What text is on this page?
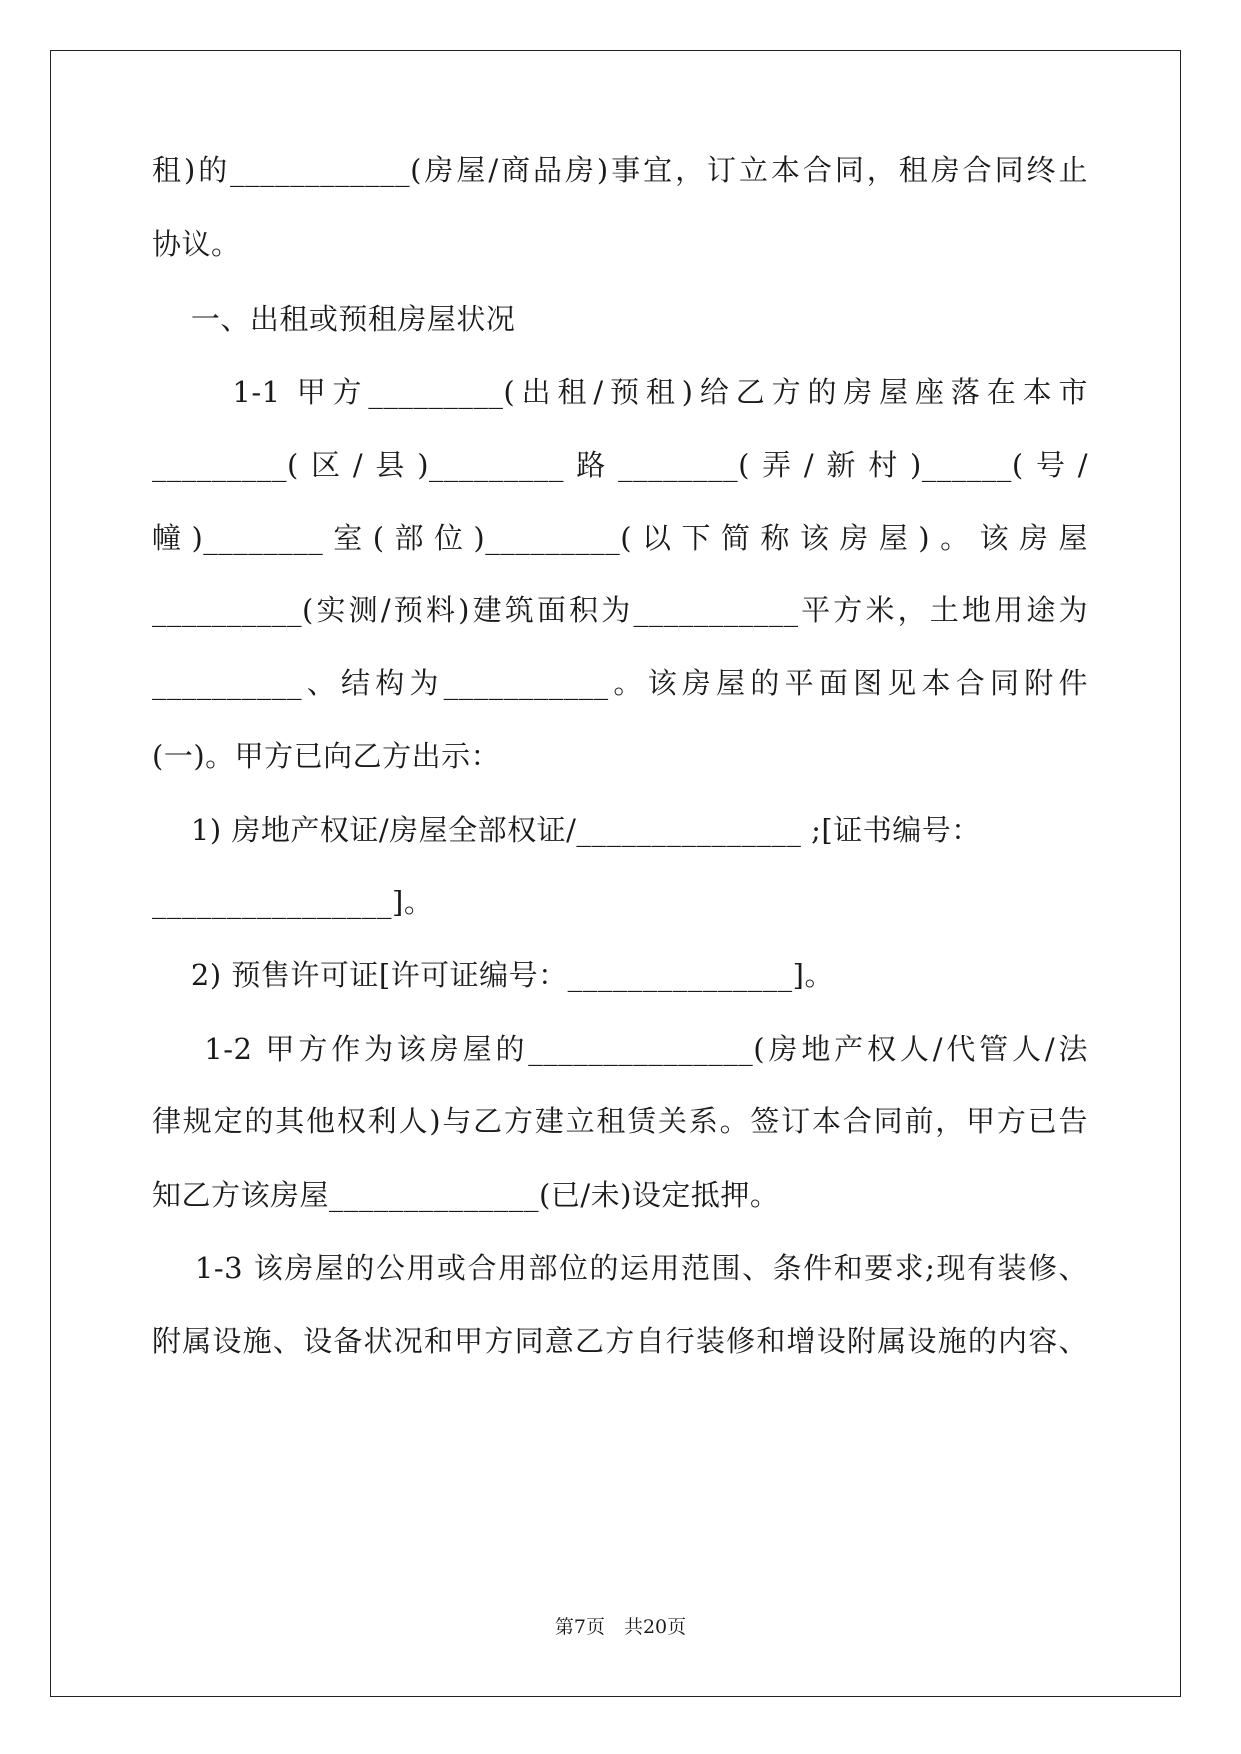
租)的____________(房屋/商品房)事宜，订立本合同，租房合同终止
协议。
一、出租或预租房屋状况
1-1 甲方_________(出租/预租)给乙方的房屋座落在本市
_________(区/县)_________路________(弄/新村)______(号/
幢)________室(部位)_________(以下简称该房屋)。该房屋
__________(实测/预料)建筑面积为___________平方米，土地用途为
__________、结构为___________。该房屋的平面图见本合同附件
(一)。甲方已向乙方出示：
1) 房地产权证/房屋全部权证/_______________ ;[证书编号：
________________]。
2) 预售许可证[许可证编号：_______________]。
1-2 甲方作为该房屋的_______________(房地产权人/代管人/法
律规定的其他权利人)与乙方建立租赁关系。签订本合同前，甲方已告
知乙方该房屋______________(已/未)设定抵押。
1-3 该房屋的公用或合用部位的运用范围、条件和要求;现有装修、
附属设施、设备状况和甲方同意乙方自行装修和增设附属设施的内容、
第7页　共20页
